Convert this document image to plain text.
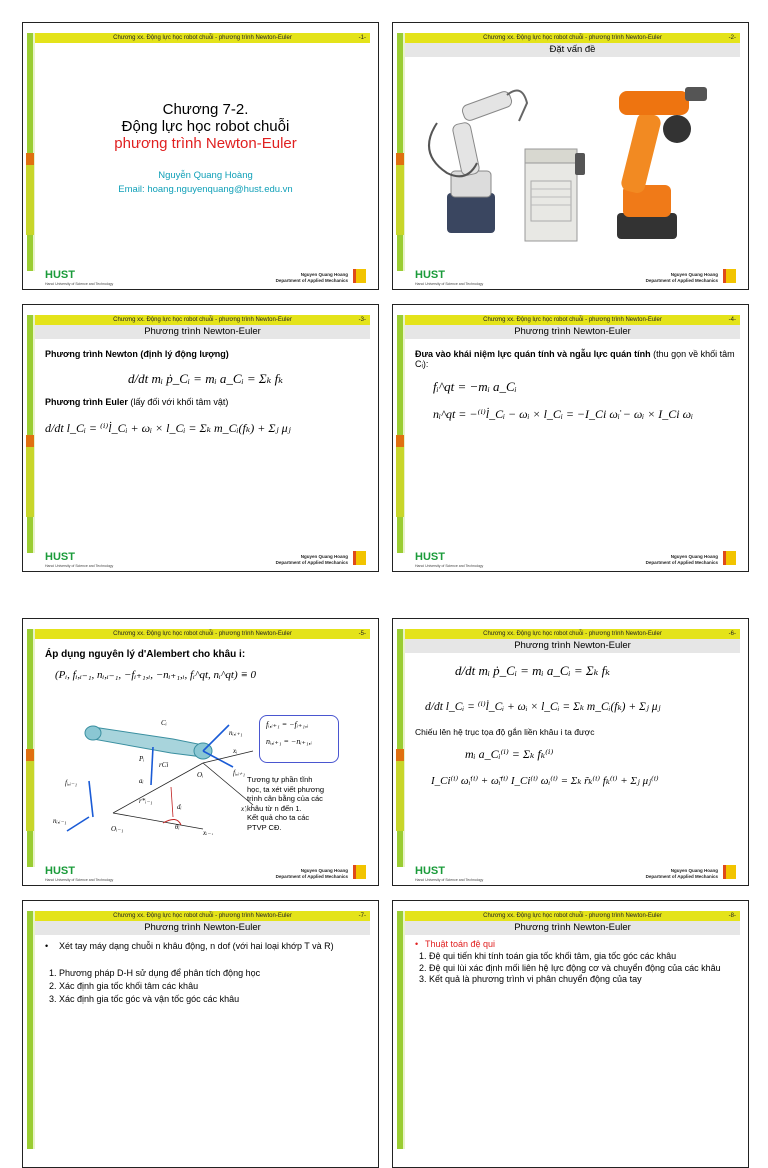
Chương xx. Động lực học robot chuỗi - phương trình Newton-Euler	-1-
Chương 7-2.
Động lực học robot chuỗi
phương trình Newton-Euler
Nguyễn Quang Hoàng
Email: hoang.nguyenquang@hust.edu.vn
HUST
Hanoi University of Science and Technology
Nguyen Quang Hoang
Department of Applied Mechanics
Chương xx. Động lực học robot chuỗi - phương trình Newton-Euler	-2-
Đặt vấn đề
HUST
Hanoi University of Science and Technology
Nguyen Quang Hoang
Department of Applied Mechanics
Chương xx. Động lực học robot chuỗi - phương trình Newton-Euler	-3-
Phương trình Newton-Euler
Phương trình Newton (định lý động lượng)
d/dt mᵢ ṗ_Cᵢ = mᵢ a_Cᵢ = Σₖ fₖ
Phương trình Euler (lấy đối với khối tâm vật)
d/dt l_Cᵢ = ⁽ⁱ⁾l̇_Cᵢ + ωᵢ × l_Cᵢ = Σₖ m_Cᵢ(fₖ) + Σⱼ μⱼ
HUST
Hanoi University of Science and Technology
Nguyen Quang Hoang
Department of Applied Mechanics
Chương xx. Động lực học robot chuỗi - phương trình Newton-Euler	-4-
Phương trình Newton-Euler
Đưa vào khái niệm lực quán tính và ngẫu lực quán tính (thu gọn về khối tâm Cᵢ):
fᵢ^qt = −mᵢ a_Cᵢ
nᵢ^qt = −⁽ⁱ⁾l̇_Cᵢ − ωᵢ × l_Cᵢ = −I_Ci ω̇ᵢ − ωᵢ × I_Ci ωᵢ
HUST
Hanoi University of Science and Technology
Nguyen Quang Hoang
Department of Applied Mechanics
Chương xx. Động lực học robot chuỗi - phương trình Newton-Euler	-5-
Áp dụng nguyên lý d'Alembert cho khâu i:
(Pᵢ, fᵢ,ᵢ₋₁, nᵢ,ᵢ₋₁, −fᵢ₊₁,ᵢ, −nᵢ₊₁,ᵢ, fᵢ^qt, nᵢ^qt) ≡ 0
Cᵢ
Pᵢ
rCi
nᵢ,ᵢ₊₁
xᵢ
fᵢ,ᵢ₋₁	aᵢ
Oᵢ	fᵢ,ᵢ₊₁
r*ᵢ₋₁
dᵢ	x'ᵢ
nᵢ,ᵢ₋₁
θᵢ
Oᵢ₋₁	xᵢ₋₁
fᵢ,ᵢ₊₁ = −fᵢ₊₁,ᵢ
nᵢ,ᵢ₊₁ = −nᵢ₊₁,ᵢ
Tương tự phần tĩnh
học, ta xét viết phương
trình cân bằng của các
khâu từ n đến 1.
Kết quả cho ta các
PTVP CĐ.
HUST
Hanoi University of Science and Technology
Nguyen Quang Hoang
Department of Applied Mechanics
Chương xx. Động lực học robot chuỗi - phương trình Newton-Euler	-6-
Phương trình Newton-Euler
d/dt mᵢ ṗ_Cᵢ = mᵢ a_Cᵢ = Σₖ fₖ
d/dt l_Cᵢ = ⁽ⁱ⁾l̇_Cᵢ + ωᵢ × l_Cᵢ = Σₖ m_Cᵢ(fₖ) + Σⱼ μⱼ
Chiếu lên hệ trục tọa độ gắn liền khâu i ta được
mᵢ a_Cᵢ⁽ⁱ⁾ = Σₖ fₖ⁽ⁱ⁾
I_Ci⁽ⁱ⁾ ω̇ᵢ⁽ⁱ⁾ + ω̃ᵢ⁽ⁱ⁾ I_Ci⁽ⁱ⁾ ωᵢ⁽ⁱ⁾ = Σₖ r̃ₖ⁽ⁱ⁾ fₖ⁽ⁱ⁾ + Σⱼ μⱼ⁽ⁱ⁾
HUST
Hanoi University of Science and Technology
Nguyen Quang Hoang
Department of Applied Mechanics
Chương xx. Động lực học robot chuỗi - phương trình Newton-Euler	-7-
Phương trình Newton-Euler
•	Xét tay máy dạng chuỗi n khâu động, n dof (với hai loại khớp T và R)
1. Phương pháp D-H sử dụng để phân tích động học
2. Xác định gia tốc khối tâm các khâu
3. Xác định gia tốc góc và vận tốc góc các khâu
Chương xx. Động lực học robot chuỗi - phương trình Newton-Euler	-8-
Phương trình Newton-Euler
• Thuật toán đệ qui
1. Đệ qui tiến khi tính toán gia tốc khối tâm, gia tốc góc các khâu
2. Đệ qui lùi xác định mối liên hệ lực động cơ và chuyển động của các khâu
3. Kết quả là phương trình vi phân chuyển động của tay
